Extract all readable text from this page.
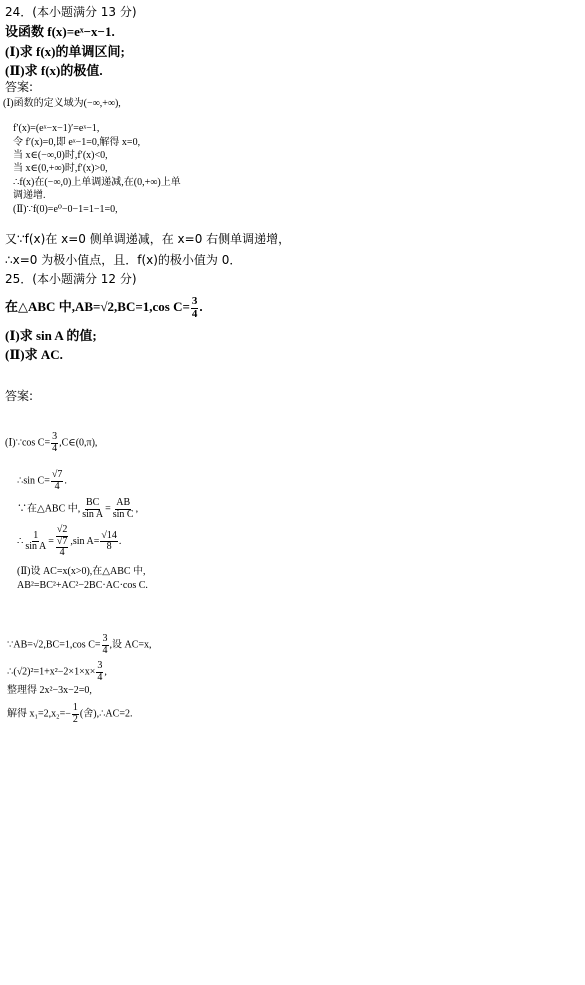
24．(本小题满分 13 分)
设函数 f(x)=eˣ−x−1.
(Ⅰ)求 f(x)的单调区间;
(Ⅱ)求 f(x)的极值.
答案:
(Ⅰ)函数的定义域为(−∞,+∞),
f′(x)=(eˣ−x−1)′=eˣ−1,
令 f′(x)=0,即 eˣ−1=0,解得 x=0,
当 x∈(−∞,0)时,f′(x)<0,
当 x∈(0,+∞)时,f′(x)>0,
∴f(x)在(−∞,0)上单调递减,在(0,+∞)上单
调递增.
(Ⅱ)∵f(0)=e⁰−0−1=1−1=0,
又∵f(x)在 x=0 侧单调递减，在 x=0 右侧单调递增，
∴x=0 为极小值点，且．f(x)的极小值为 0．
25．(本小题满分 12 分)
在△ABC 中,AB=√2,BC=1,cos $C= \frac{3}{4}$ .
(Ⅰ)求 sin A 的值;
(Ⅱ)求 AC.
答案:
(Ⅰ)∵cos $C= \frac{3}{4}$ ,C∈(0,π),
∴sin $C= \frac{√7}{4}$ .
∵在△ABC 中, $\frac{BC}{\text{sin A}} = \frac{AB}{\text{sin C}}$ ,
∴ $\frac{1}{\text{sin A}} = \frac{√2}{\frac{√7}{4}} ,\sin$ $A= \frac{√14}{8}$ .
(Ⅱ)设 AC=x(x>0),在△ABC 中,
AB²=BC²+AC²−2BC·AC·cos C.
∵AB=√2,BC=1,cos $C= \frac{3}{4}$ ,设 AC=x,
∴(√2)²=1+x²−2×1×x× $\frac{3}{4}$ ,
整理得 2x²−3x−2=0,
解得 $x_1=2,x_2=- \frac{1}{2}$ (舍),∴AC=2.
